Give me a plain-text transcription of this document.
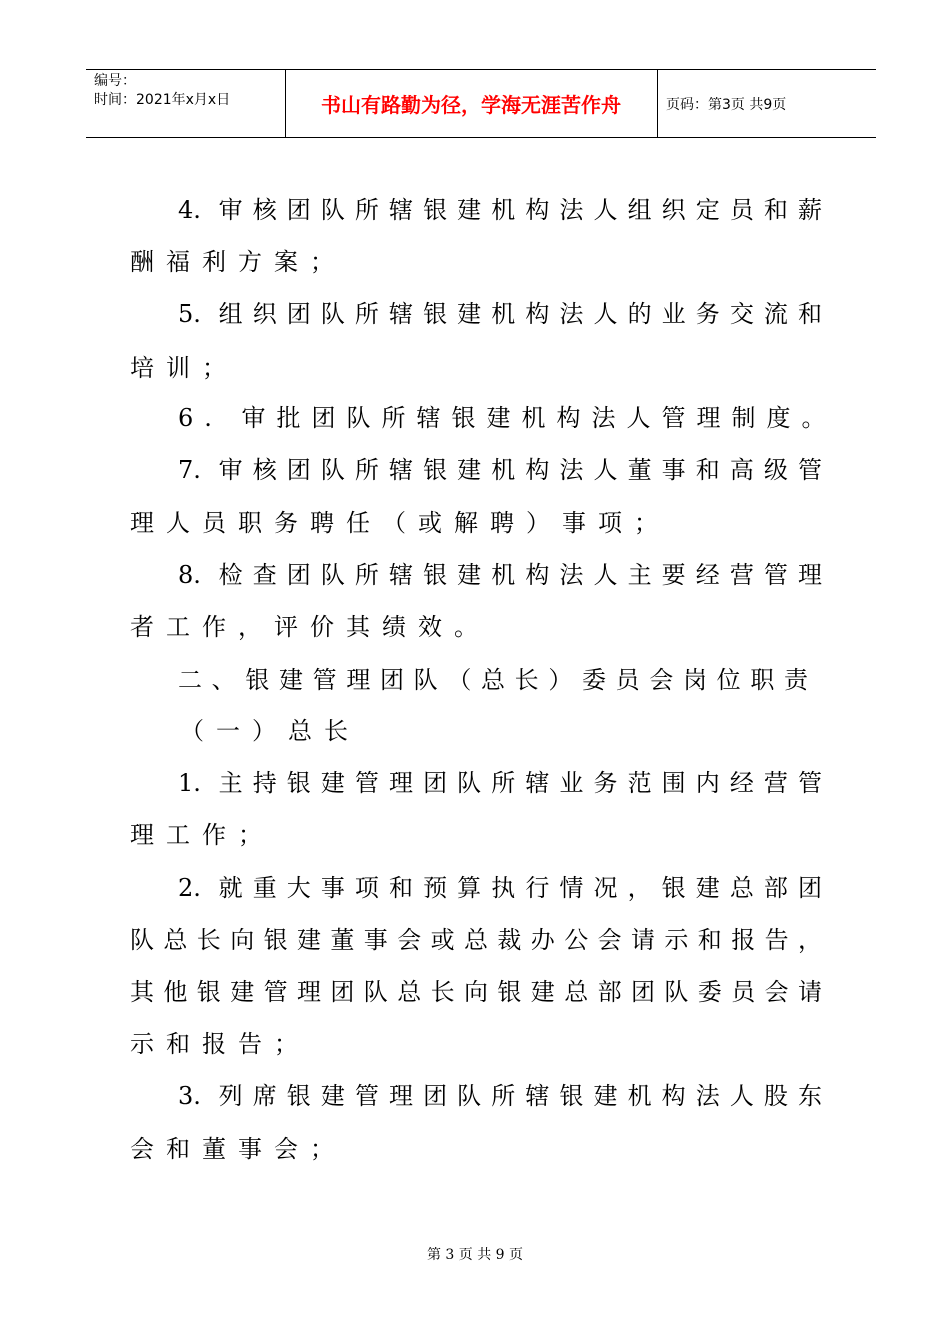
编号：
时间：2021年x月x日	书山有路勤为径，学海无涯苦作舟	页码：第3页 共9页
4. 审核团队所辖银建机构法人组织定员和薪
酬福利方案；
5. 组织团队所辖银建机构法人的业务交流和
培训；
6. 审批团队所辖银建机构法人管理制度。
7. 审核团队所辖银建机构法人董事和高级管
理人员职务聘任（或解聘）事项；
8. 检查团队所辖银建机构法人主要经营管理
者工作，评价其绩效。
二、银建管理团队（总长）委员会岗位职责
（一）总长
1. 主持银建管理团队所辖业务范围内经营管
理工作；
2. 就重大事项和预算执行情况，银建总部团
队总长向银建董事会或总裁办公会请示和报告，
其他银建管理团队总长向银建总部团队委员会请
示和报告；
3. 列席银建管理团队所辖银建机构法人股东
会和董事会；
第 3 页 共 9 页
